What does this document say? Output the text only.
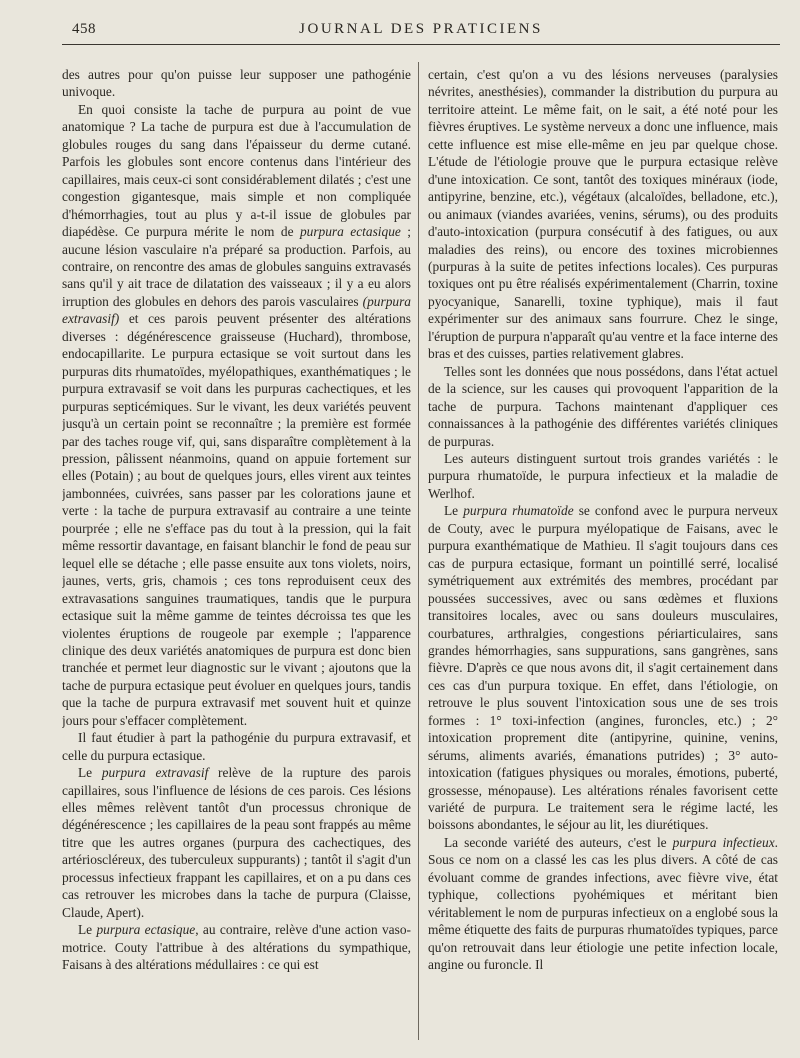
458	JOURNAL DES PRATICIENS

des autres pour qu'on puisse leur supposer une pathogénie univoque.

En quoi consiste la tache de purpura au point de vue anatomique ? La tache de purpura est due à l'accumulation de globules rouges du sang dans l'épaisseur du derme cutané. Parfois les globules sont encore contenus dans l'intérieur des capillaires, mais ceux-ci sont considérablement dilatés ; c'est une congestion gigantesque, mais simple et non compliquée d'hémorrhagies, tout au plus y a-t-il issue de globules par diapédèse. Ce purpura mérite le nom de purpura ectasique ; aucune lésion vasculaire n'a préparé sa production. Parfois, au contraire, on rencontre des amas de globules sanguins extravasés sans qu'il y ait trace de dilatation des vaisseaux ; il y a eu alors irruption des globules en dehors des parois vasculaires (purpura extravasif) et ces parois peuvent présenter des altérations diverses : dégénérescence graisseuse (Huchard), thrombose, endocapillarite. Le purpura ectasique se voit surtout dans les purpuras dits rhumatoïdes, myélopathiques, exanthématiques ; le purpura extravasif se voit dans les purpuras cachectiques, et les purpuras septicémiques. Sur le vivant, les deux variétés peuvent jusqu'à un certain point se reconnaître ; la première est formée par des taches rouge vif, qui, sans disparaître complètement à la pression, pâlissent néanmoins, quand on appuie fortement sur elles (Potain) ; au bout de quelques jours, elles virent aux teintes jambonnées, cuivrées, sans passer par les colorations jaune et verte : la tache de purpura extravasif au contraire a une teinte pourprée ; elle ne s'efface pas du tout à la pression, qui la fait même ressortir davantage, en faisant blanchir le fond de peau sur lequel elle se détache ; elle passe ensuite aux tons violets, noirs, jaunes, verts, gris, chamois ; ces tons reproduisent ceux des extravasations sanguines traumatiques, tandis que le purpura ectasique suit la même gamme de teintes décroissa tes que les violentes éruptions de rougeole par exemple ; l'apparence clinique des deux variétés anatomiques de purpura est donc bien tranchée et permet leur diagnostic sur le vivant ; ajoutons que la tache de purpura ectasique peut évoluer en quelques jours, tandis que la tache de purpura extravasif met souvent huit et quinze jours pour s'effacer complètement.

Il faut étudier à part la pathogénie du purpura extravasif, et celle du purpura ectasique.

Le purpura extravasif relève de la rupture des parois capillaires, sous l'influence de lésions de ces parois. Ces lésions elles mêmes relèvent tantôt d'un processus chronique de dégénérescence ; les capillaires de la peau sont frappés au même titre que les autres organes (purpura des cachectiques, des artérioscléreux, des tuberculeux suppurants) ; tantôt il s'agit d'un processus infectieux frappant les capillaires, et on a pu dans ces cas retrouver les microbes dans la tache de purpura (Claisse, Claude, Apert).

Le purpura ectasique, au contraire, relève d'une action vaso-motrice. Couty l'attribue à des altérations du sympathique, Faisans à des altérations médullaires : ce qui est

certain, c'est qu'on a vu des lésions nerveuses (paralysies névrites, anesthésies), commander la distribution du purpura au territoire atteint. Le même fait, on le sait, a été noté pour les fièvres éruptives. Le système nerveux a donc une influence, mais cette influence est mise elle-même en jeu par quelque chose. L'étude de l'étiologie prouve que le purpura ectasique relève d'une intoxication. Ce sont, tantôt des toxiques minéraux (iode, antipyrine, benzine, etc.), végétaux (alcaloïdes, belladone, etc.), ou animaux (viandes avariées, venins, sérums), ou des produits d'auto-intoxication (purpura consécutif à des fatigues, ou aux maladies des reins), ou encore des toxines microbiennes (purpuras à la suite de petites infections locales). Ces purpuras toxiques ont pu être réalisés expérimentalement (Charrin, toxine pyocyanique, Sanarelli, toxine typhique), mais il faut expérimenter sur des animaux sans fourrure. Chez le singe, l'éruption de purpura n'apparaît qu'au ventre et la face interne des bras et des cuisses, parties relativement glabres.

Telles sont les données que nous possédons, dans l'état actuel de la science, sur les causes qui provoquent l'apparition de la tache de purpura. Tachons maintenant d'appliquer ces connaissances à la pathogénie des différentes variétés cliniques de purpuras.

Les auteurs distinguent surtout trois grandes variétés : le purpura rhumatoïde, le purpura infectieux et la maladie de Werlhof.

Le purpura rhumatoïde se confond avec le purpura nerveux de Couty, avec le purpura myélopatique de Faisans, avec le purpura exanthématique de Mathieu. Il s'agit toujours dans ces cas de purpura ectasique, formant un pointillé serré, localisé symétriquement aux extrémités des membres, procédant par poussées successives, avec ou sans œdèmes et fluxions transitoires locales, avec ou sans douleurs musculaires, courbatures, arthralgies, congestions périarticulaires, sans grandes hémorrhagies, sans suppurations, sans gangrènes, sans fièvre. D'après ce que nous avons dit, il s'agit certainement dans ces cas d'un purpura toxique. En effet, dans l'étiologie, on retrouve le plus souvent l'intoxication sous une de ses trois formes : 1° toxi-infection (angines, furoncles, etc.) ; 2° intoxication proprement dite (antipyrine, quinine, venins, sérums, aliments avariés, émanations putrides) ; 3° auto-intoxication (fatigues physiques ou morales, émotions, puberté, grossesse, ménopause). Les altérations rénales favorisent cette variété de purpura. Le traitement sera le régime lacté, les boissons abondantes, le séjour au lit, les diurétiques.

La seconde variété des auteurs, c'est le purpura infectieux. Sous ce nom on a classé les cas les plus divers. A côté de cas évoluant comme de grandes infections, avec fièvre vive, état typhique, collections pyohémiques et méritant bien véritablement le nom de purpuras infectieux on a englobé sous la même étiquette des faits de purpuras rhumatoïdes typiques, parce qu'on retrouvait dans leur étiologie une petite infection locale, angine ou furoncle. Il
